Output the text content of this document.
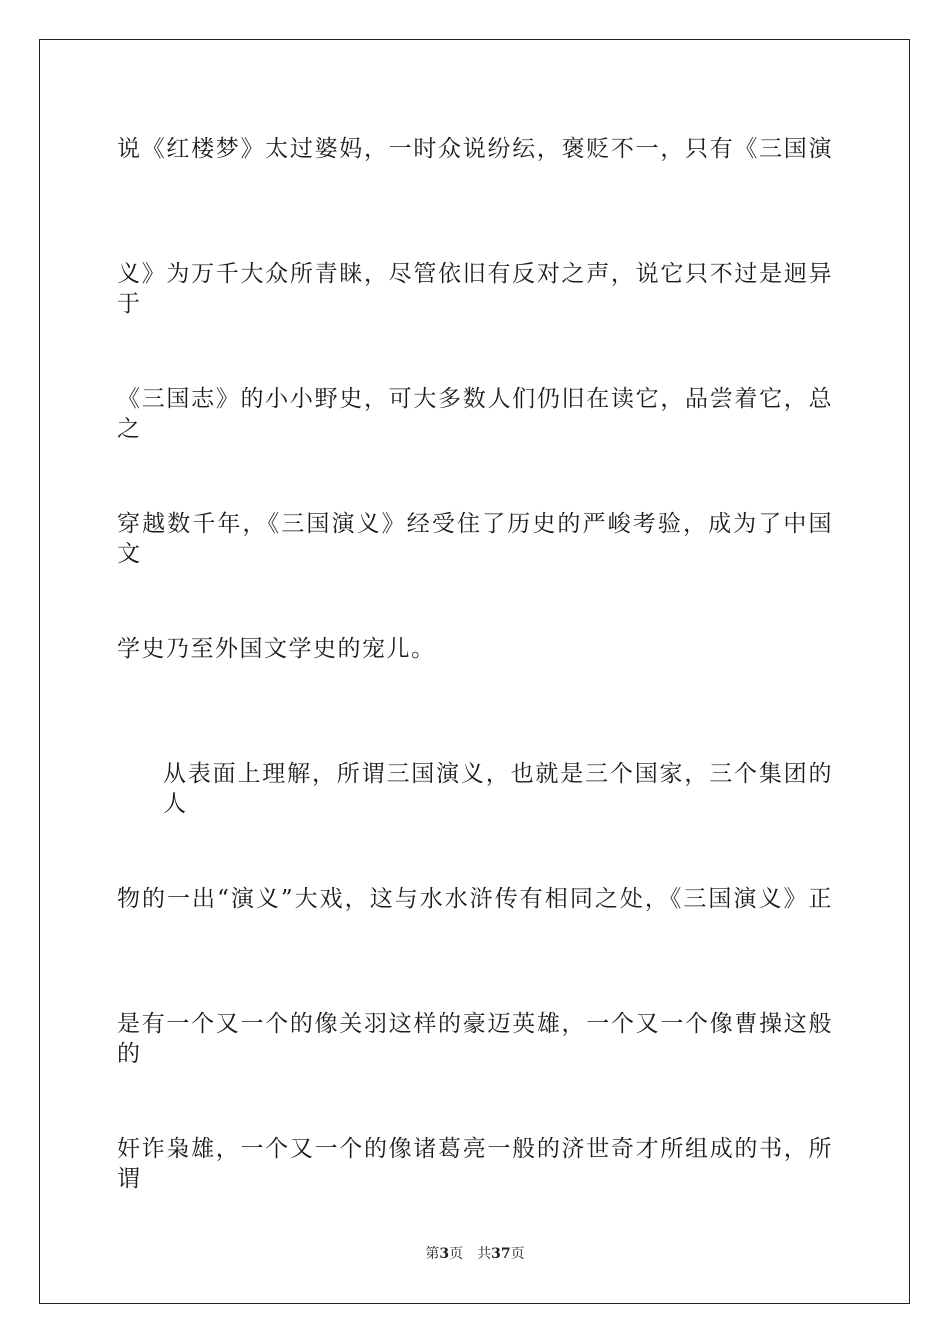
说《红楼梦》太过婆妈，一时众说纷纭，褒贬不一，只有《三国演
义》为万千大众所青睐，尽管依旧有反对之声，说它只不过是迥异于
《三国志》的小小野史，可大多数人们仍旧在读它，品尝着它，总之
穿越数千年，《三国演义》经受住了历史的严峻考验，成为了中国文
学史乃至外国文学史的宠儿。
从表面上理解，所谓三国演义，也就是三个国家，三个集团的人
物的一出“演义”大戏，这与水水浒传有相同之处，《三国演义》正
是有一个又一个的像关羽这样的豪迈英雄，一个又一个像曹操这般的
奸诈枭雄，一个又一个的像诸葛亮一般的济世奇才所组成的书，所谓
第3页 共37页
